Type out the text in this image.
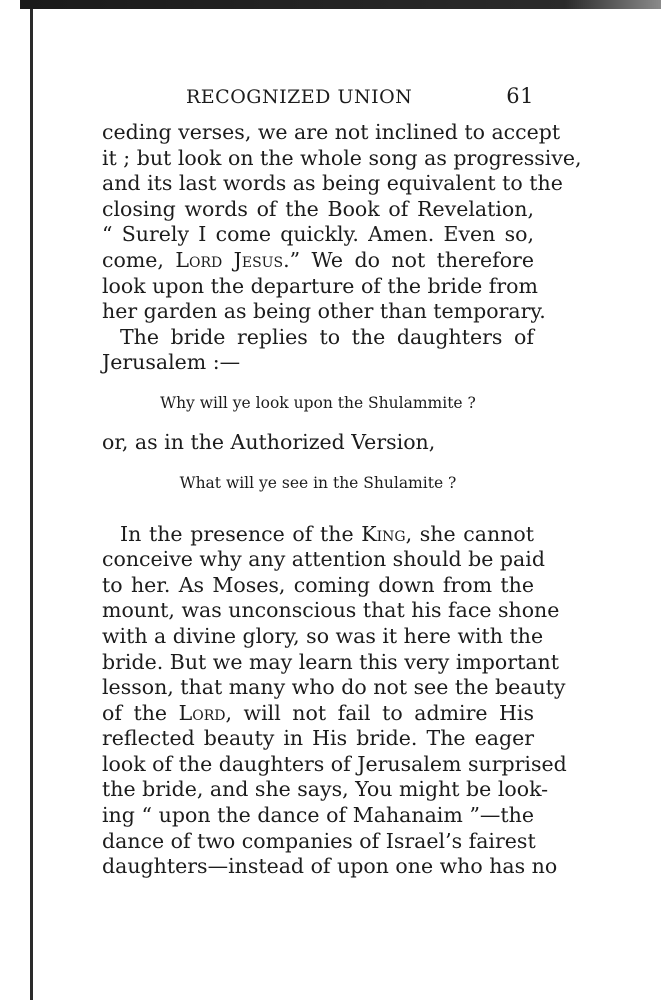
RECOGNIZED UNION	61
ceding verses, we are not inclined to accept
it ; but look on the whole song as progressive,
and its last words as being equivalent to the
closing words of the Book of Revelation,
“ Surely I come quickly. Amen. Even so,
come, Lord Jesus.” We do not therefore
look upon the departure of the bride from
her garden as being other than temporary.
The bride replies to the daughters of
Jerusalem :—
Why will ye look upon the Shulammite ?
or, as in the Authorized Version,
What will ye see in the Shulamite ?
In the presence of the King, she cannot
conceive why any attention should be paid
to her. As Moses, coming down from the
mount, was unconscious that his face shone
with a divine glory, so was it here with the
bride. But we may learn this very important
lesson, that many who do not see the beauty
of the Lord, will not fail to admire His
reflected beauty in His bride. The eager
look of the daughters of Jerusalem surprised
the bride, and she says, You might be look-
ing “ upon the dance of Mahanaim ”—the
dance of two companies of Israel’s fairest
daughters—instead of upon one who has no
